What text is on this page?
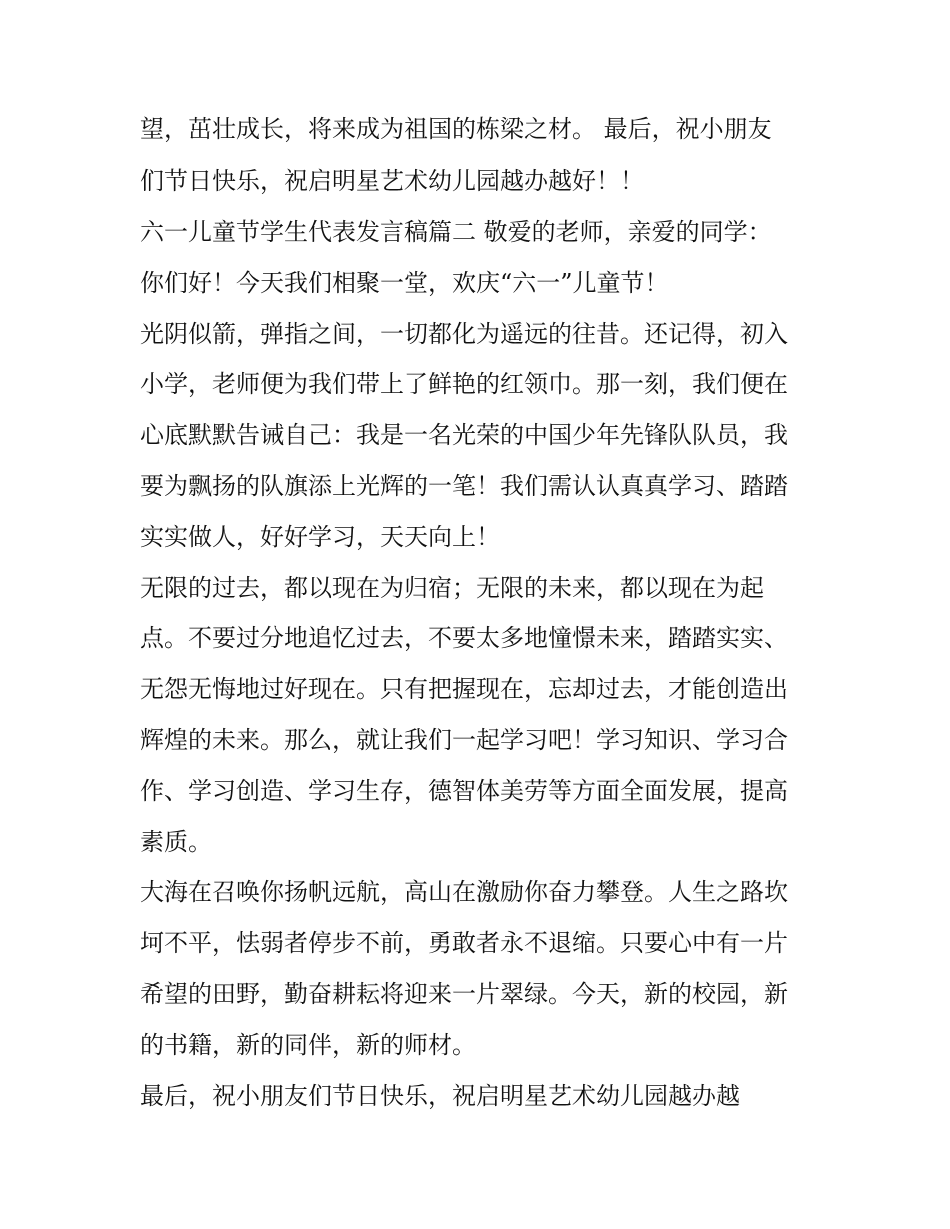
望，茁壮成长，将来成为祖国的栋梁之材。 最后，祝小朋友
们节日快乐，祝启明星艺术幼儿园越办越好！！
六一儿童节学生代表发言稿篇二 敬爱的老师，亲爱的同学：
你们好！今天我们相聚一堂，欢庆“六一”儿童节！
光阴似箭，弹指之间，一切都化为遥远的往昔。还记得，初入
小学，老师便为我们带上了鲜艳的红领巾。那一刻，我们便在
心底默默告诫自己：我是一名光荣的中国少年先锋队队员，我
要为飘扬的队旗添上光辉的一笔！我们需认认真真学习、踏踏
实实做人，好好学习，天天向上！
无限的过去，都以现在为归宿；无限的未来，都以现在为起
点。不要过分地追忆过去，不要太多地憧憬未来，踏踏实实、
无怨无悔地过好现在。只有把握现在，忘却过去，才能创造出
辉煌的未来。那么，就让我们一起学习吧！学习知识、学习合
作、学习创造、学习生存，德智体美劳等方面全面发展，提高
素质。
大海在召唤你扬帆远航，高山在激励你奋力攀登。人生之路坎
坷不平，怯弱者停步不前，勇敢者永不退缩。只要心中有一片
希望的田野，勤奋耕耘将迎来一片翠绿。今天，新的校园，新
的书籍，新的同伴，新的师材。
最后，祝小朋友们节日快乐，祝启明星艺术幼儿园越办越
